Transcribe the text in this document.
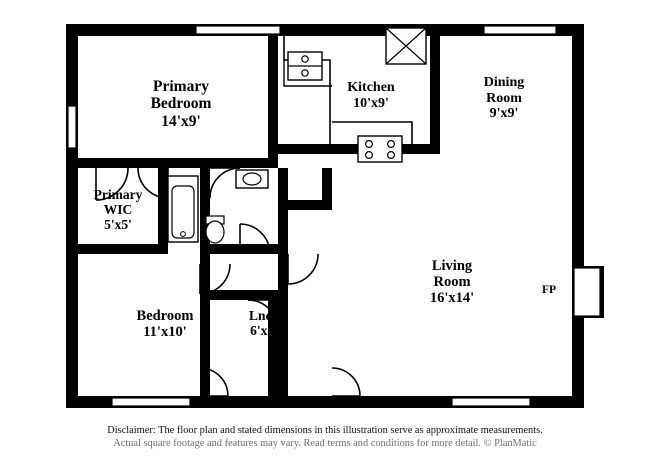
Primary
Bedroom
14'x9'
Kitchen
10'x9'
Dining
Room
9'x9'
Primary
WIC
5'x5'
Living
Room
16'x14'
Bedroom
11'x10'
Lndr
6'x3'
FP
Disclaimer: The floor plan and stated dimensions in this illustration serve as approximate measurements.
Actual square footage and features may vary. Read terms and conditions for more detail. © PlanMatic
